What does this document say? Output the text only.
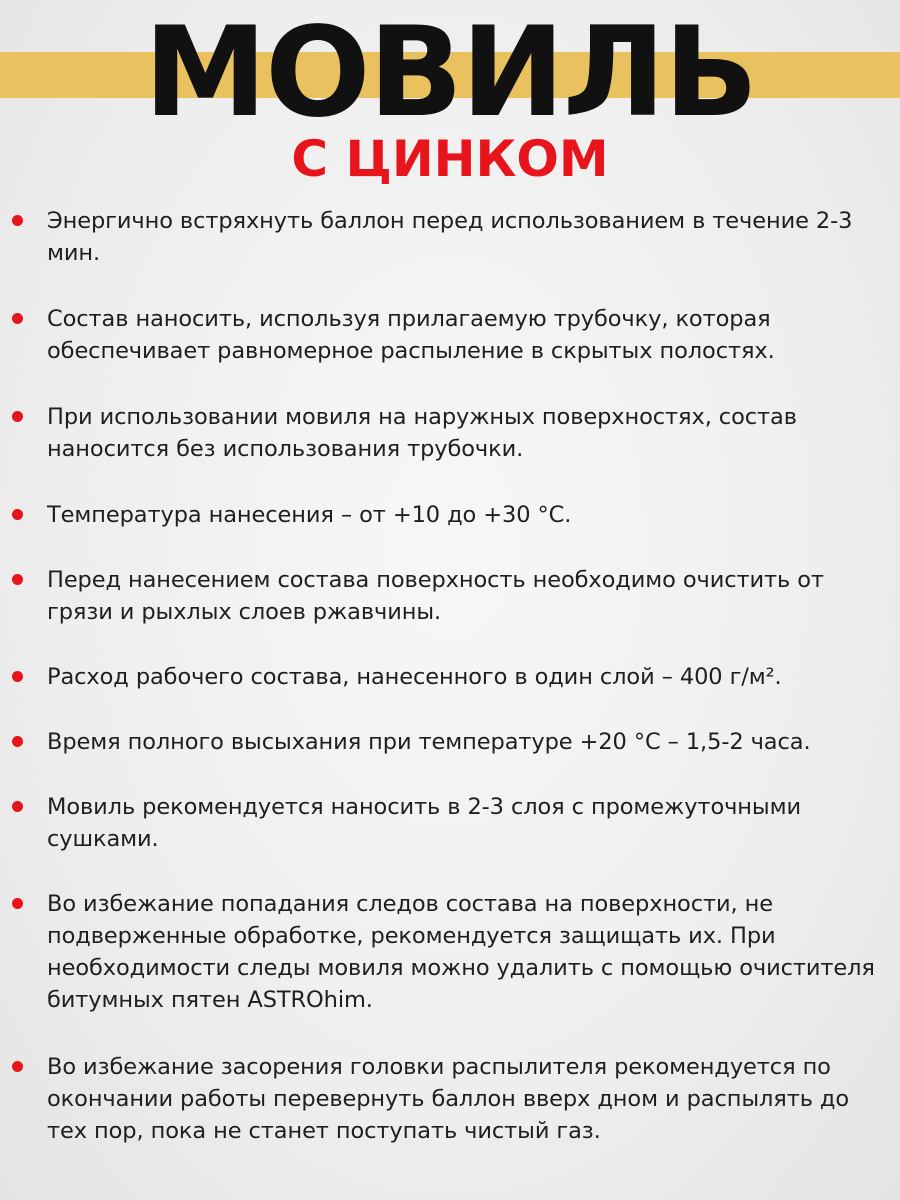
МОВИЛЬ
С ЦИНКОМ
Энергично встряхнуть баллон перед использованием в течение 2-3 мин.
Состав наносить, используя прилагаемую трубочку, которая обеспечивает равномерное распыление в скрытых полостях.
При использовании мовиля на наружных поверхностях, состав наносится без использования трубочки.
Температура нанесения – от +10 до +30 °C.
Перед нанесением состава поверхность необходимо очистить от грязи и рыхлых слоев ржавчины.
Расход рабочего состава, нанесенного в один слой – 400 г/м².
Время полного высыхания при температуре +20 °C – 1,5-2 часа.
Мовиль рекомендуется наносить в 2-3 слоя с промежуточными сушками.
Во избежание попадания следов состава на поверхности, не подверженные обработке, рекомендуется защищать их. При необходимости следы мовиля можно удалить с помощью очистителя битумных пятен ASTROhim.
Во избежание засорения головки распылителя рекомендуется по окончании работы перевернуть баллон вверх дном и распылять до тех пор, пока не станет поступать чистый газ.
